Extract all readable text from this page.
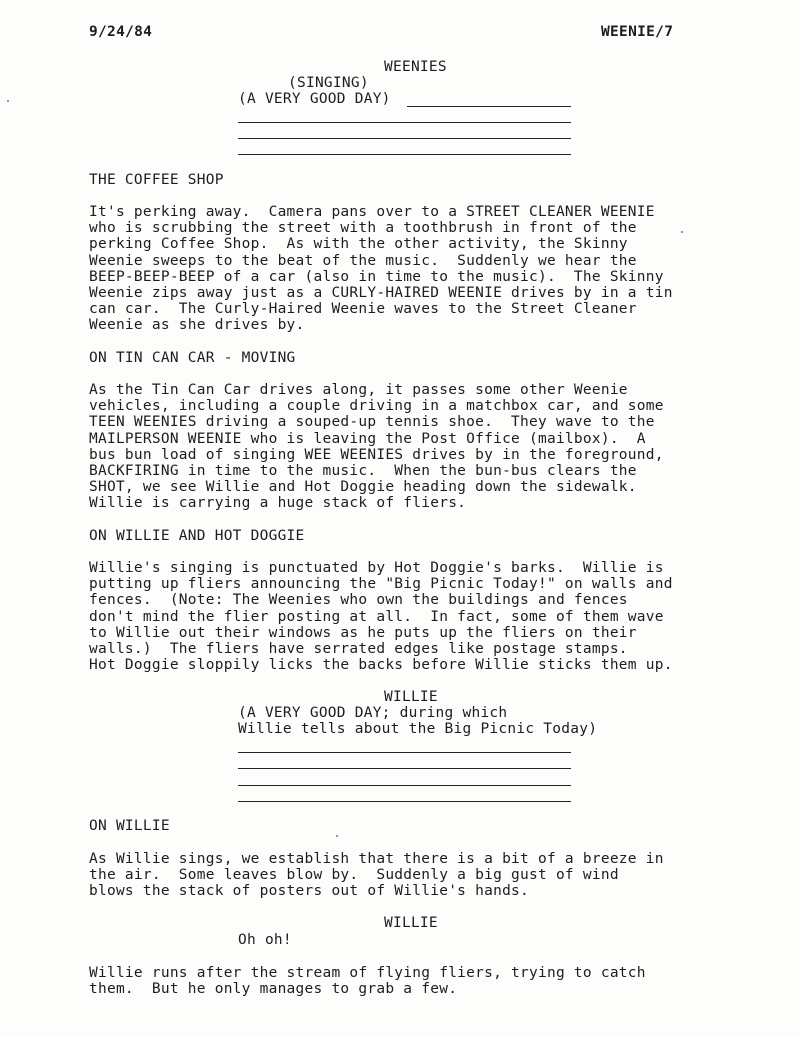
9/24/84	WEENIE/7
WEENIES
(SINGING)
(A VERY GOOD DAY)
THE COFFEE SHOP
It's perking away.  Camera pans over to a STREET CLEANER WEENIE
who is scrubbing the street with a toothbrush in front of the
perking Coffee Shop.  As with the other activity, the Skinny
Weenie sweeps to the beat of the music.  Suddenly we hear the
BEEP-BEEP-BEEP of a car (also in time to the music).  The Skinny
Weenie zips away just as a CURLY-HAIRED WEENIE drives by in a tin
can car.  The Curly-Haired Weenie waves to the Street Cleaner
Weenie as she drives by.
ON TIN CAN CAR - MOVING
As the Tin Can Car drives along, it passes some other Weenie
vehicles, including a couple driving in a matchbox car, and some
TEEN WEENIES driving a souped-up tennis shoe.  They wave to the
MAILPERSON WEENIE who is leaving the Post Office (mailbox).  A
bus bun load of singing WEE WEENIES drives by in the foreground,
BACKFIRING in time to the music.  When the bun-bus clears the
SHOT, we see Willie and Hot Doggie heading down the sidewalk.
Willie is carrying a huge stack of fliers.
ON WILLIE AND HOT DOGGIE
Willie's singing is punctuated by Hot Doggie's barks.  Willie is
putting up fliers announcing the "Big Picnic Today!" on walls and
fences.  (Note: The Weenies who own the buildings and fences
don't mind the flier posting at all.  In fact, some of them wave
to Willie out their windows as he puts up the fliers on their
walls.)  The fliers have serrated edges like postage stamps.
Hot Doggie sloppily licks the backs before Willie sticks them up.
WILLIE
(A VERY GOOD DAY; during which
Willie tells about the Big Picnic Today)
ON WILLIE
As Willie sings, we establish that there is a bit of a breeze in
the air.  Some leaves blow by.  Suddenly a big gust of wind
blows the stack of posters out of Willie's hands.
WILLIE
Oh oh!
Willie runs after the stream of flying fliers, trying to catch
them.  But he only manages to grab a few.
